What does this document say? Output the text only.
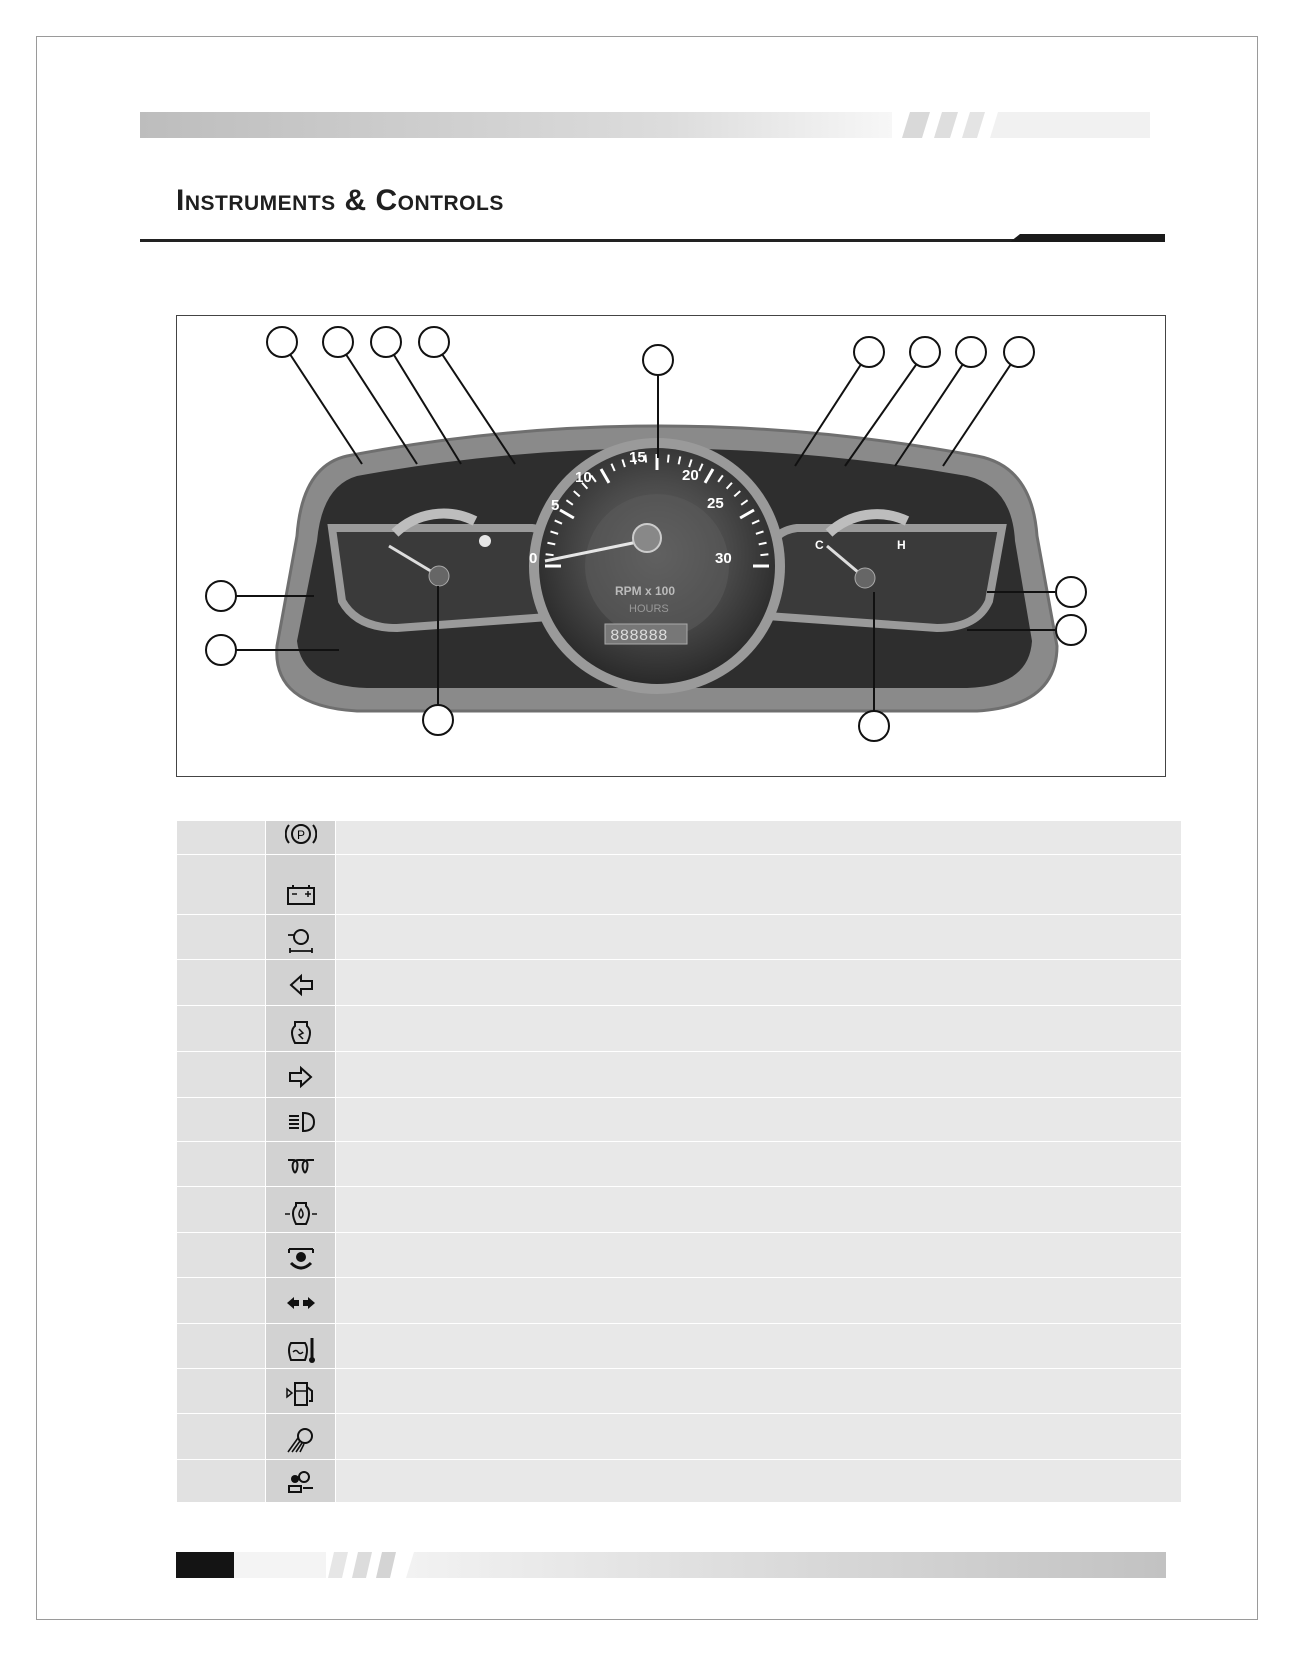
Instruments & Controls
0
5
10
15
20
25
30
RPM x 100
HOURS
888888
C	H
P
